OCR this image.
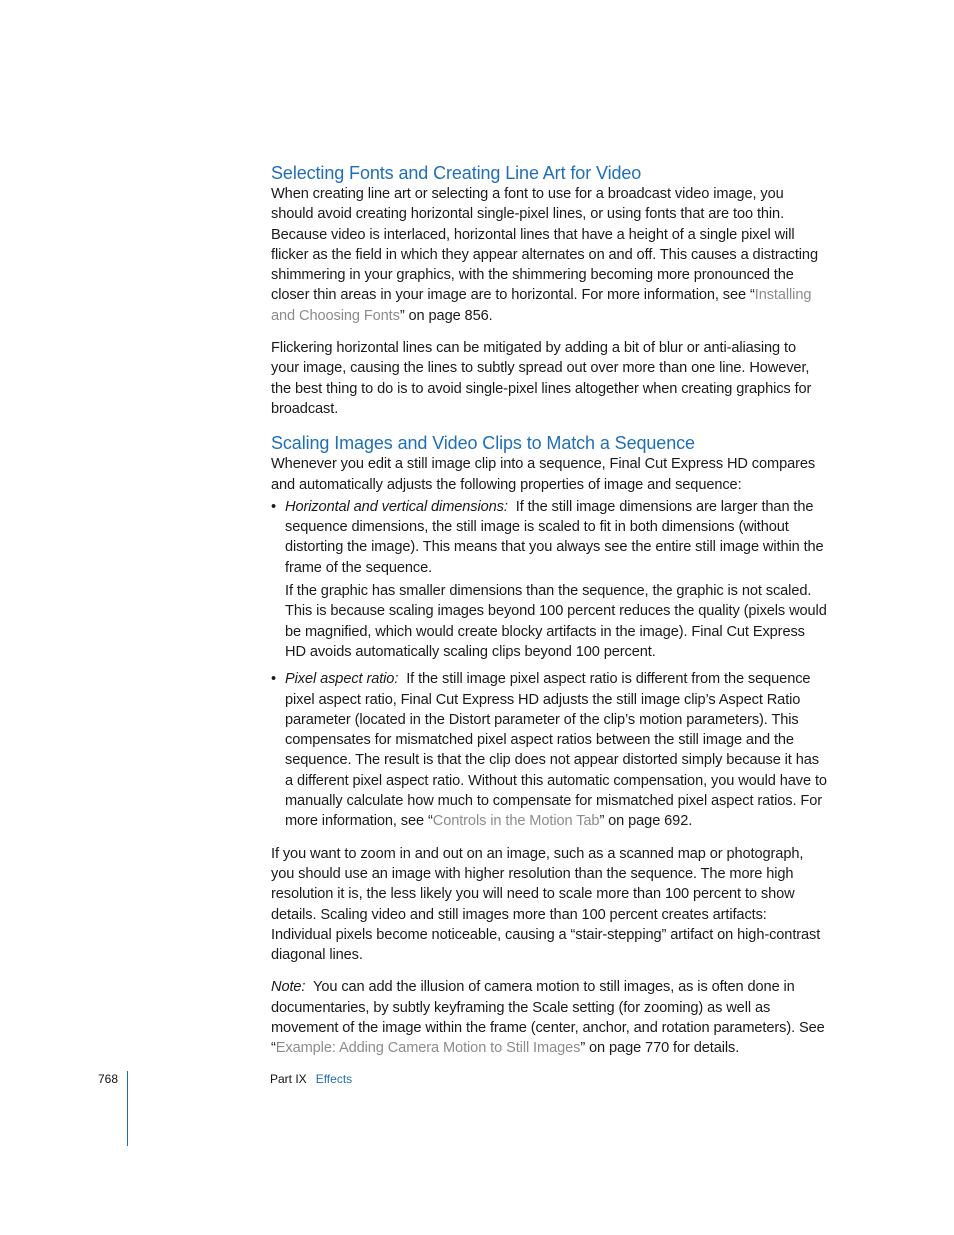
Selecting Fonts and Creating Line Art for Video

When creating line art or selecting a font to use for a broadcast video image, you should avoid creating horizontal single-pixel lines, or using fonts that are too thin. Because video is interlaced, horizontal lines that have a height of a single pixel will flicker as the field in which they appear alternates on and off. This causes a distracting shimmering in your graphics, with the shimmering becoming more pronounced the closer thin areas in your image are to horizontal. For more information, see “Installing and Choosing Fonts” on page 856.

Flickering horizontal lines can be mitigated by adding a bit of blur or anti-aliasing to your image, causing the lines to subtly spread out over more than one line. However, the best thing to do is to avoid single-pixel lines altogether when creating graphics for broadcast.

Scaling Images and Video Clips to Match a Sequence

Whenever you edit a still image clip into a sequence, Final Cut Express HD compares and automatically adjusts the following properties of image and sequence:

• Horizontal and vertical dimensions: If the still image dimensions are larger than the sequence dimensions, the still image is scaled to fit in both dimensions (without distorting the image). This means that you always see the entire still image within the frame of the sequence.

If the graphic has smaller dimensions than the sequence, the graphic is not scaled. This is because scaling images beyond 100 percent reduces the quality (pixels would be magnified, which would create blocky artifacts in the image). Final Cut Express HD avoids automatically scaling clips beyond 100 percent.

• Pixel aspect ratio: If the still image pixel aspect ratio is different from the sequence pixel aspect ratio, Final Cut Express HD adjusts the still image clip’s Aspect Ratio parameter (located in the Distort parameter of the clip’s motion parameters). This compensates for mismatched pixel aspect ratios between the still image and the sequence. The result is that the clip does not appear distorted simply because it has a different pixel aspect ratio. Without this automatic compensation, you would have to manually calculate how much to compensate for mismatched pixel aspect ratios. For more information, see “Controls in the Motion Tab” on page 692.

If you want to zoom in and out on an image, such as a scanned map or photograph, you should use an image with higher resolution than the sequence. The more high resolution it is, the less likely you will need to scale more than 100 percent to show details. Scaling video and still images more than 100 percent creates artifacts: Individual pixels become noticeable, causing a “stair-stepping” artifact on high-contrast diagonal lines.

Note: You can add the illusion of camera motion to still images, as is often done in documentaries, by subtly keyframing the Scale setting (for zooming) as well as movement of the image within the frame (center, anchor, and rotation parameters). See “Example: Adding Camera Motion to Still Images” on page 770 for details.

768	Part IX Effects
